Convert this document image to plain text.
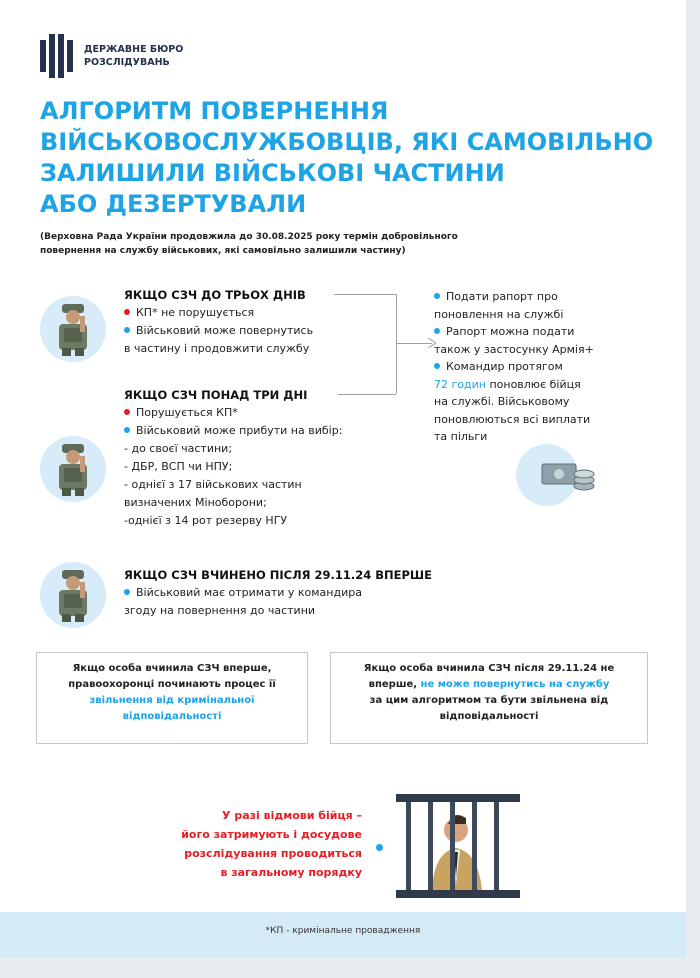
ДЕРЖАВНЕ БЮРО
РОЗСЛІДУВАНЬ
АЛГОРИТМ ПОВЕРНЕННЯ
ВІЙСЬКОВОСЛУЖБОВЦІВ, ЯКІ САМОВІЛЬНО
ЗАЛИШИЛИ ВІЙСЬКОВІ ЧАСТИНИ
АБО ДЕЗЕРТУВАЛИ
(Верховна Рада України продовжила до 30.08.2025 року термін добровільного
повернення на службу військових, які самовільно залишили частину)
ЯКЩО СЗЧ ДО ТРЬОХ ДНІВ
КП* не порушується
Військовий може повернутись
в частину і продовжити службу
ЯКЩО СЗЧ ПОНАД ТРИ ДНІ
Порушується КП*
Військовий може прибути на вибір:
- до своєї частини;
- ДБР, ВСП чи НПУ;
- однієї з 17 військових частин
визначених Міноборони;
-однієї з 14 рот резерву НГУ
Подати рапорт про
поновлення на службі
Рапорт можна подати
також у застосунку Армія+
Командир протягом
72 годин поновлює бійця
на службі. Військовому
поновлюються всі виплати
та пільги
ЯКЩО СЗЧ ВЧИНЕНО ПІСЛЯ 29.11.24 ВПЕРШЕ
Військовий має отримати у командира
згоду на повернення до частини
Якщо особа вчинила СЗЧ вперше,
правоохоронці починають процес її
звільнення від кримінальної
відповідальності
Якщо особа вчинила СЗЧ після 29.11.24 не
вперше, не може повернутись на службу
за цим алгоритмом та бути звільнена від
відповідальності
У разі відмови бійця –
його затримують і досудове
розслідування проводиться
в загальному порядку
*КП - кримінальне провадження
